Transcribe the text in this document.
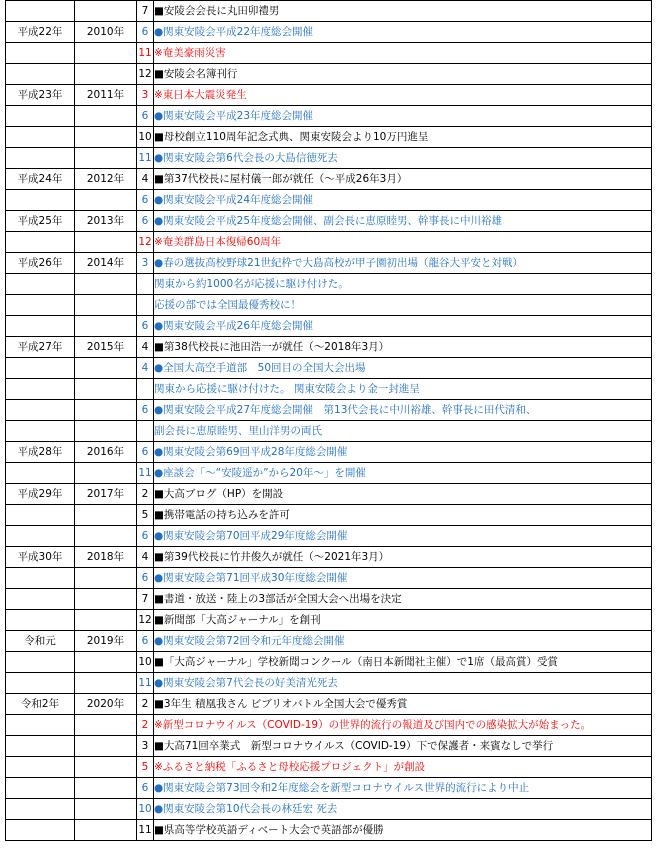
		7	■安陵会会長に丸田卯禮男
平成22年	2010年	6	●関東安陵会平成22年度総会開催
		11	※奄美豪雨災害
		12	■安陵会名簿刊行
平成23年	2011年	3	※東日本大震災発生
		6	●関東安陵会平成23年度総会開催
		10	■母校創立110周年記念式典、関東安陵会より10万円進呈
		11	●関東安陵会第6代会長の大島信徳死去
平成24年	2012年	4	■第37代校長に屋村儀一郎が就任（〜平成26年3月）
		6	●関東安陵会平成24年度総会開催
平成25年	2013年	6	●関東安陵会平成25年度総会開催、副会長に恵原睦男、幹事長に中川裕雄
		12	※奄美群島日本復帰60周年
平成26年	2014年	3	●春の選抜高校野球21世紀枠で大島高校が甲子園初出場（龍谷大平安と対戦）
			関東から約1000名が応援に駆け付けた。
			応援の部では全国最優秀校に！
		6	●関東安陵会平成26年度総会開催
平成27年	2015年	4	■第38代校長に池田浩一が就任（〜2018年3月）
		4	●全国大高空手道部　50回目の全国大会出場
			関東から応援に駆け付けた。 関東安陵会より金一封進呈
		6	●関東安陵会平成27年度総会開催　第13代会長に中川裕雄、幹事長に田代清和、
			副会長に恵原睦男、里山洋男の両氏
平成28年	2016年	6	●関東安陵会第69回平成28年度総会開催
		11	●座談会「〜“安陵遥か”から20年〜」を開催
平成29年	2017年	2	■大高ブログ（HP）を開設
		5	■携帯電話の持ち込みを許可
		6	●関東安陵会第70回平成29年度総会開催
平成30年	2018年	4	■第39代校長に竹井俊久が就任（〜2021年3月）
		6	●関東安陵会第71回平成30年度総会開催
		7	■書道・放送・陸上の3部活が全国大会へ出場を決定
		12	■新聞部「大高ジャーナル」を創刊
令和元	2019年	6	●関東安陵会第72回令和元年度総会開催
		10	■「大高ジャーナル」学校新聞コンクール（南日本新聞社主催）で1席（最高賞）受賞
		11	●関東安陵会第7代会長の好美清光死去
令和2年	2020年	2	■3年生 積凰我さん ビブリオバトル全国大会で優秀賞
		2	※新型コロナウイルス（COVID-19）の世界的流行の報道及び国内での感染拡大が始まった。
		3	■大高71回卒業式　新型コロナウイルス（COVID-19）下で保護者・来賓なしで挙行
		5	※ふるさと納税「ふるさと母校応援プロジェクト」が創設
		6	●関東安陵会第73回令和2年度総会を新型コロナウイルス世界的流行により中止
		10	●関東安陵会第10代会長の林廷宏 死去
		11	■県高等学校英語ディベート大会で英語部が優勝
